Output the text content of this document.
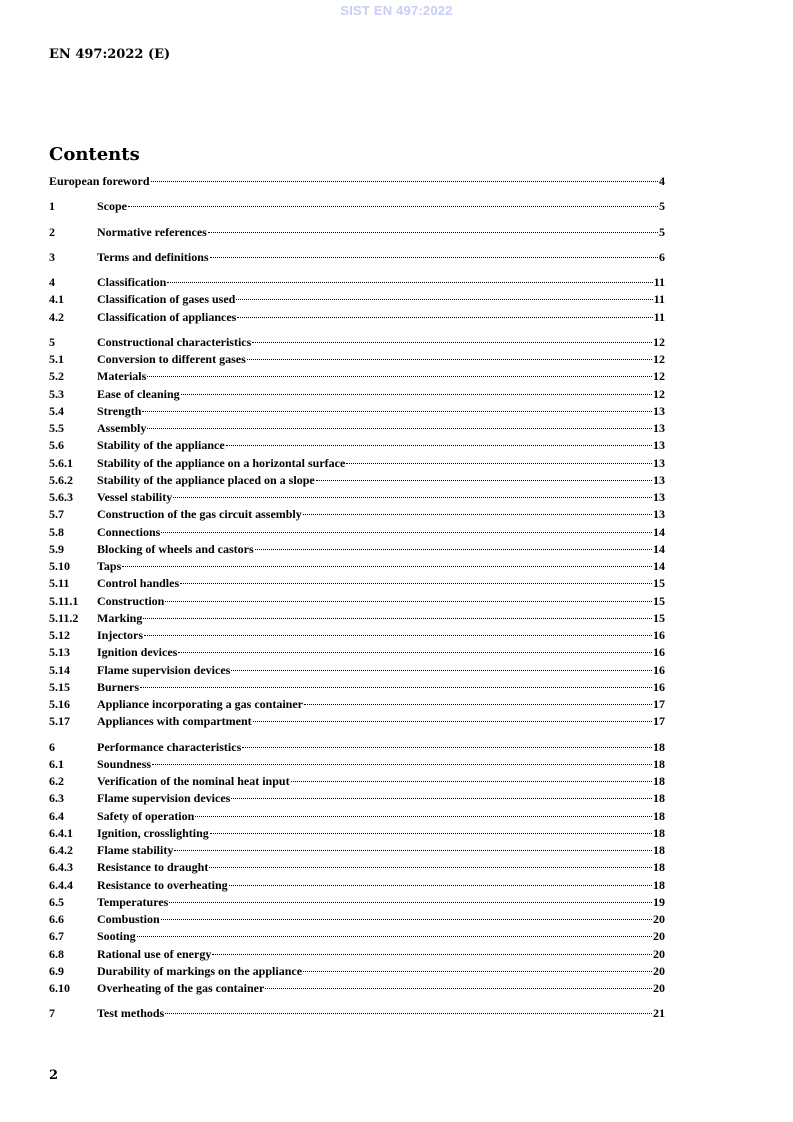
SIST EN 497:2022
EN 497:2022 (E)
Contents
European foreword	4
1	Scope	5
2	Normative references	5
3	Terms and definitions	6
4	Classification	11
4.1	Classification of gases used	11
4.2	Classification of appliances	11
5	Constructional characteristics	12
5.1	Conversion to different gases	12
5.2	Materials	12
5.3	Ease of cleaning	12
5.4	Strength	13
5.5	Assembly	13
5.6	Stability of the appliance	13
5.6.1	Stability of the appliance on a horizontal surface	13
5.6.2	Stability of the appliance placed on a slope	13
5.6.3	Vessel stability	13
5.7	Construction of the gas circuit assembly	13
5.8	Connections	14
5.9	Blocking of wheels and castors	14
5.10	Taps	14
5.11	Control handles	15
5.11.1	Construction	15
5.11.2	Marking	15
5.12	Injectors	16
5.13	Ignition devices	16
5.14	Flame supervision devices	16
5.15	Burners	16
5.16	Appliance incorporating a gas container	17
5.17	Appliances with compartment	17
6	Performance characteristics	18
6.1	Soundness	18
6.2	Verification of the nominal heat input	18
6.3	Flame supervision devices	18
6.4	Safety of operation	18
6.4.1	Ignition, crosslighting	18
6.4.2	Flame stability	18
6.4.3	Resistance to draught	18
6.4.4	Resistance to overheating	18
6.5	Temperatures	19
6.6	Combustion	20
6.7	Sooting	20
6.8	Rational use of energy	20
6.9	Durability of markings on the appliance	20
6.10	Overheating of the gas container	20
7	Test methods	21
2
